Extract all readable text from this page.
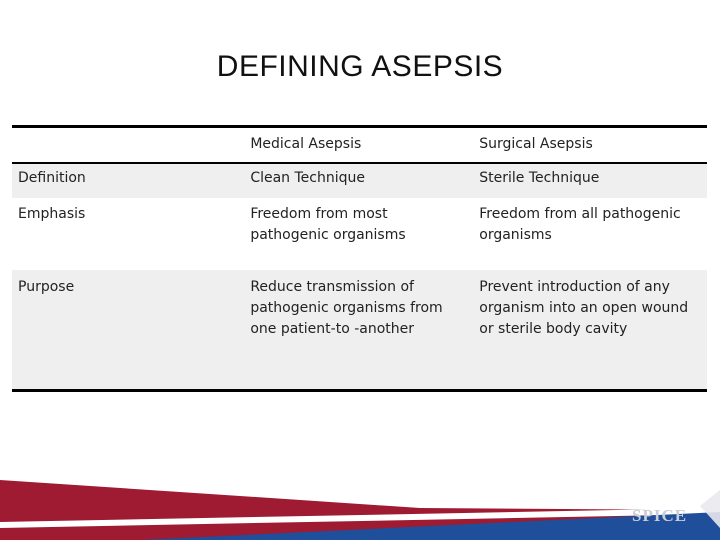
DEFINING ASEPSIS
	Medical Asepsis	Surgical Asepsis
Definition	Clean Technique	Sterile Technique
Emphasis	Freedom from most pathogenic organisms	Freedom from all pathogenic organisms
Purpose	Reduce transmission of pathogenic organisms from one patient-to -another	Prevent introduction of any organism into an open wound or sterile body cavity
SPICE
